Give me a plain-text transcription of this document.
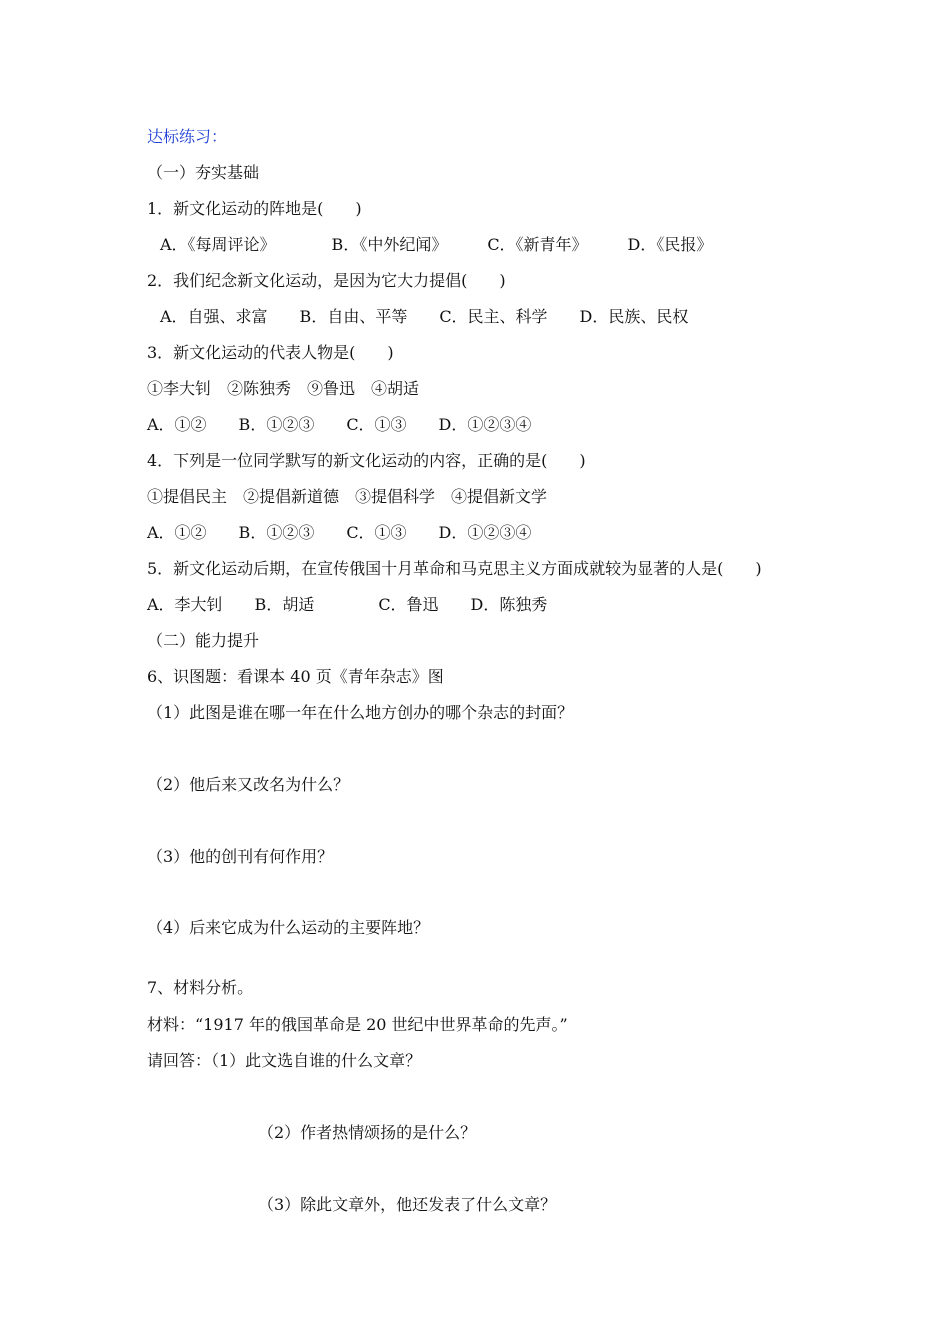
达标练习：

（一）夯实基础

1．新文化运动的阵地是(　　)

A．《每周评论》　　　　B．《中外纪闻》　　　C．《新青年》　　　D．《民报》

2．我们纪念新文化运动，是因为它大力提倡(　　)

A．自强、求富　　B．自由、平等　　C．民主、科学　　D．民族、民权

3．新文化运动的代表人物是(　　)

①李大钊　②陈独秀　⑨鲁迅　④胡适

A．①②　　B．①②③　　C．①③　　D．①②③④

4．下列是一位同学默写的新文化运动的内容，正确的是(　　)

①提倡民主　②提倡新道德　③提倡科学　④提倡新文学

A．①②　　B．①②③　　C．①③　　D．①②③④

5．新文化运动后期，在宣传俄国十月革命和马克思主义方面成就较为显著的人是(　　)

A．李大钊　　B．胡适　　　　C．鲁迅　　D．陈独秀

（二）能力提升

6、识图题：看课本 40 页《青年杂志》图

（1）此图是谁在哪一年在什么地方创办的哪个杂志的封面？

（2）他后来又改名为什么？

（3）他的创刊有何作用？

（4）后来它成为什么运动的主要阵地？

7、材料分析。

材料：“1917 年的俄国革命是 20 世纪中世界革命的先声。”

请回答：（1）此文选自谁的什么文章？

（2）作者热情颂扬的是什么？

（3）除此文章外，他还发表了什么文章？
